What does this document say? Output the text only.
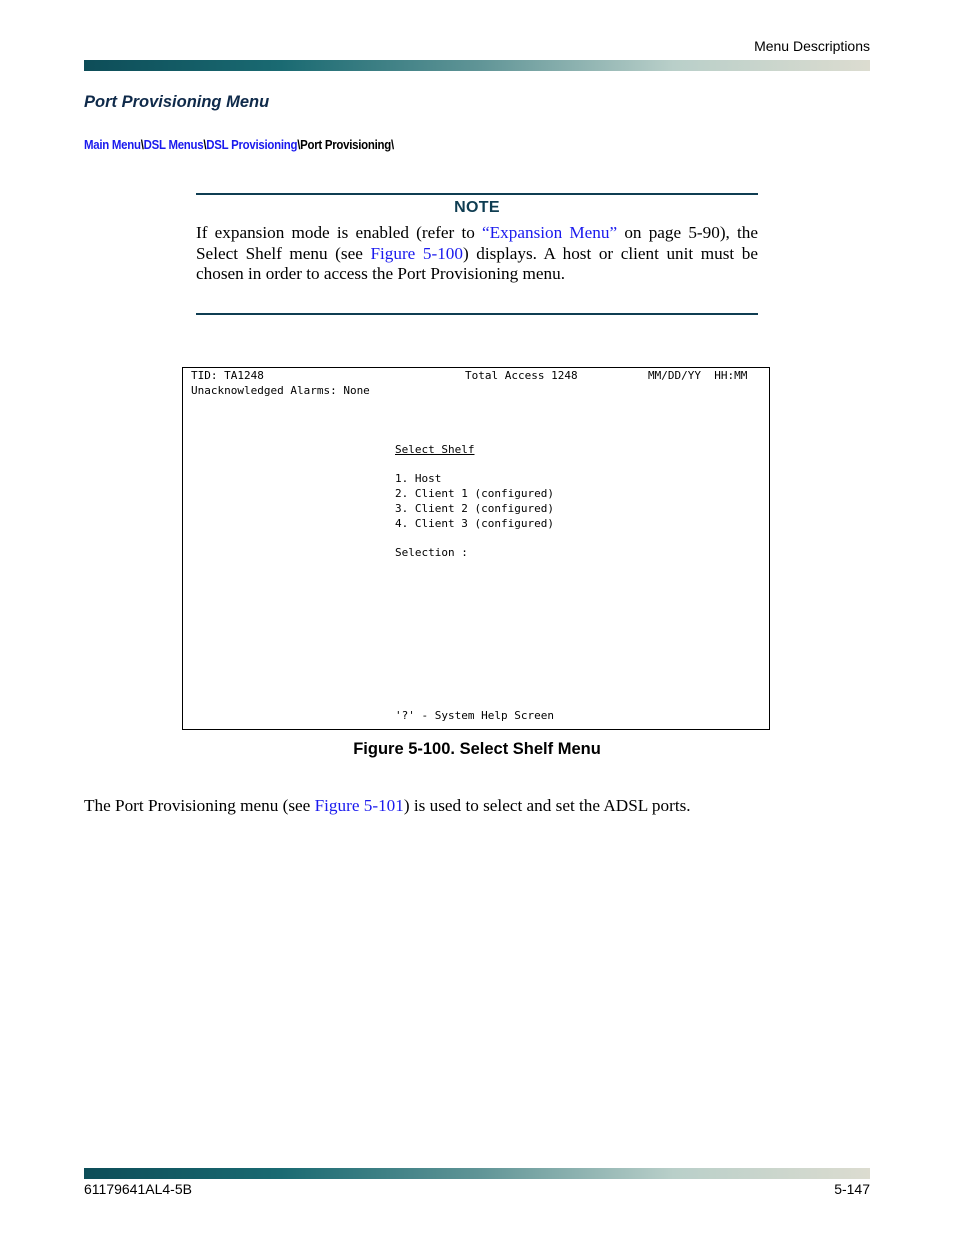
Menu Descriptions
Port Provisioning Menu
Main Menu\DSL Menus\DSL Provisioning\Port Provisioning\
NOTE
If expansion mode is enabled (refer to “Expansion Menu” on page 5-90), the Select Shelf menu (see Figure 5-100) displays. A host or client unit must be chosen in order to access the Port Provisioning menu.
TID: TA1248	Total Access 1248	MM/DD/YY  HH:MM
Unacknowledged Alarms: None
Select Shelf
1. Host
2. Client 1 (configured)
3. Client 2 (configured)
4. Client 3 (configured)
Selection :
'?' - System Help Screen
Figure 5-100. Select Shelf Menu
The Port Provisioning menu (see Figure 5-101) is used to select and set the ADSL ports.
61179641AL4-5B	5-147
